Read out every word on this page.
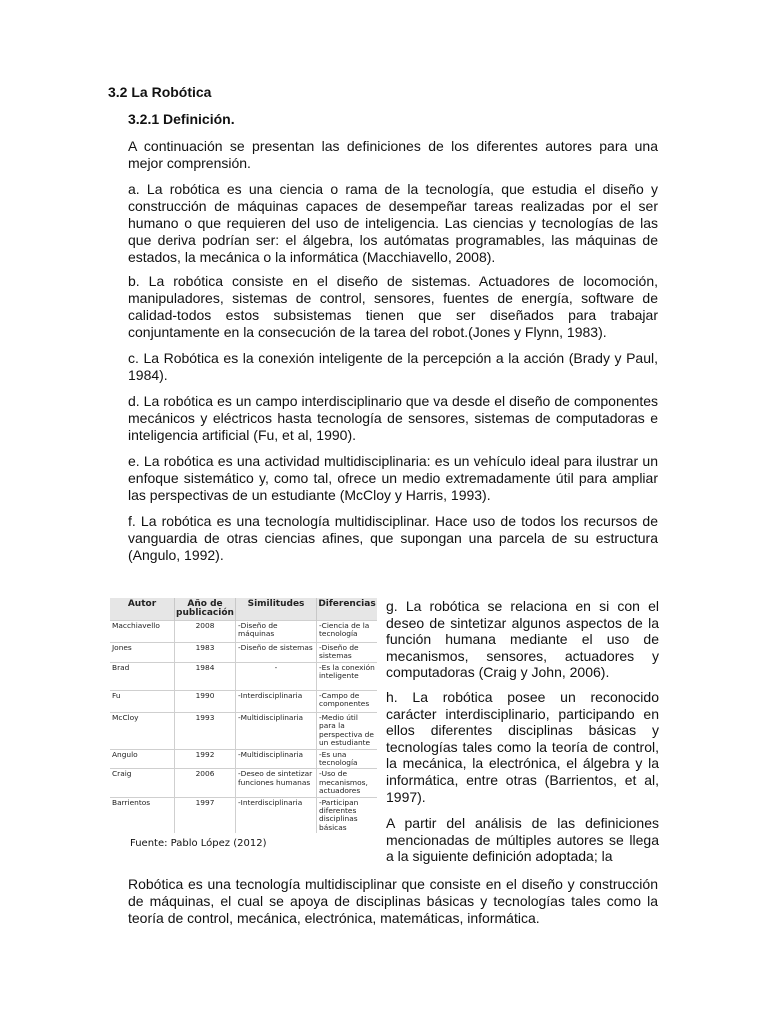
3.2 La Robótica
3.2.1 Definición.

A continuación se presentan las definiciones de los diferentes autores para una mejor comprensión.

a. La robótica es una ciencia o rama de la tecnología, que estudia el diseño y construcción de máquinas capaces de desempeñar tareas realizadas por el ser humano o que requieren del uso de inteligencia. Las ciencias y tecnologías de las que deriva podrían ser: el álgebra, los autómatas programables, las máquinas de estados, la mecánica o la informática (Macchiavello, 2008).

b. La robótica consiste en el diseño de sistemas. Actuadores de locomoción, manipuladores, sistemas de control, sensores, fuentes de energía, software de calidad-todos estos subsistemas tienen que ser diseñados para trabajar conjuntamente en la consecución de la tarea del robot.(Jones y Flynn, 1983).

c. La Robótica es la conexión inteligente de la percepción a la acción (Brady y Paul, 1984).

d. La robótica es un campo interdisciplinario que va desde el diseño de componentes mecánicos y eléctricos hasta tecnología de sensores, sistemas de computadoras e inteligencia artificial (Fu, et al, 1990).

e. La robótica es una actividad multidisciplinaria: es un vehículo ideal para ilustrar un enfoque sistemático y, como tal, ofrece un medio extremadamente útil para ampliar las perspectivas de un estudiante (McCloy y Harris, 1993).

f. La robótica es una tecnología multidisciplinar. Hace uso de todos los recursos de vanguardia de otras ciencias afines, que supongan una parcela de su estructura (Angulo, 1992).

Autor	Año de publicación	Similitudes	Diferencias
Macchiavello	2008	-Diseño de máquinas	-Ciencia de la tecnología
Jones	1983	-Diseño de sistemas	-Diseño de sistemas
Brad	1984	-	-Es la conexión inteligente
Fu	1990	-Interdisciplinaria	-Campo de componentes
McCloy	1993	-Multidisciplinaria	-Medio útil para la perspectiva de un estudiante
Angulo	1992	-Multidisciplinaria	-Es una tecnología
Craig	2006	-Deseo de sintetizar funciones humanas	-Uso de mecanismos, actuadores
Barrientos	1997	-Interdisciplinaria	-Participan diferentes disciplinas básicas
Fuente: Pablo López (2012)

g. La robótica se relaciona en si con el deseo de sintetizar algunos aspectos de la función humana mediante el uso de mecanismos, sensores, actuadores y computadoras (Craig y John, 2006).

h. La robótica posee un reconocido carácter interdisciplinario, participando en ellos diferentes disciplinas básicas y tecnologías tales como la teoría de control, la mecánica, la electrónica, el álgebra y la informática, entre otras (Barrientos, et al, 1997).

A partir del análisis de las definiciones mencionadas de múltiples autores se llega a la siguiente definición adoptada; la

Robótica es una tecnología multidisciplinar que consiste en el diseño y construcción de máquinas, el cual se apoya de disciplinas básicas y tecnologías tales como la teoría de control, mecánica, electrónica, matemáticas, informática.
